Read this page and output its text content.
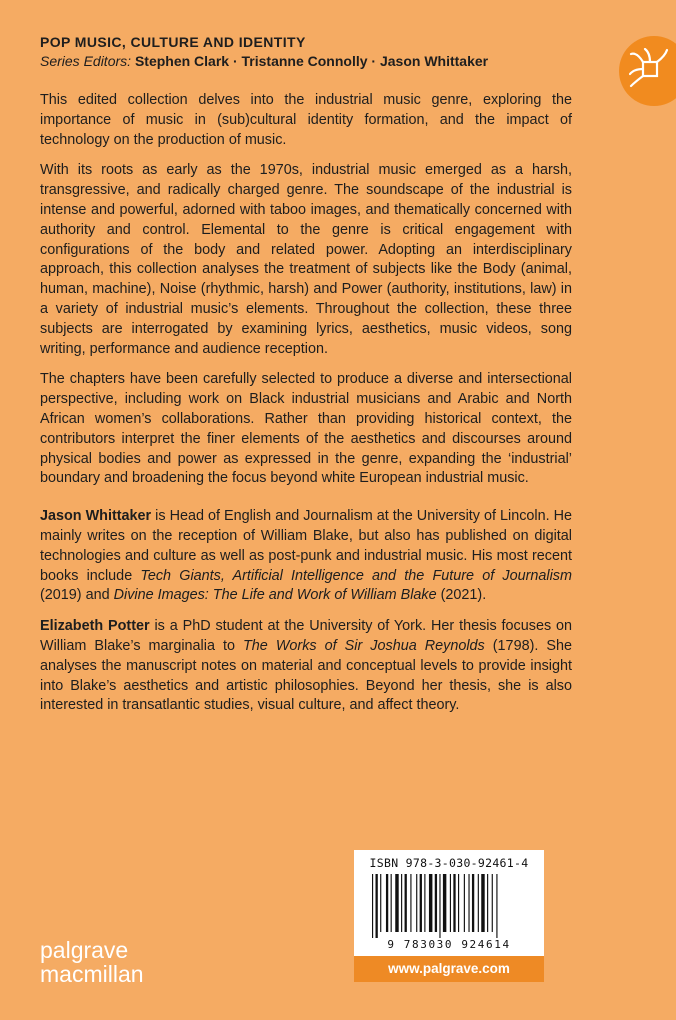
POP MUSIC, CULTURE AND IDENTITY
Series Editors: Stephen Clark · Tristanne Connolly · Jason Whittaker

This edited collection delves into the industrial music genre, exploring the importance of music in (sub)cultural identity formation, and the impact of technology on the production of music.

With its roots as early as the 1970s, industrial music emerged as a harsh, transgressive, and radically charged genre. The soundscape of the industrial is intense and powerful, adorned with taboo images, and thematically concerned with authority and control. Elemental to the genre is critical engagement with configurations of the body and related power. Adopting an interdisciplinary approach, this collection analyses the treatment of subjects like the Body (animal, human, machine), Noise (rhythmic, harsh) and Power (authority, institutions, law) in a variety of industrial music’s elements. Throughout the collection, these three subjects are interrogated by examining lyrics, aesthetics, music videos, song writing, performance and audience reception.

The chapters have been carefully selected to produce a diverse and intersectional perspective, including work on Black industrial musicians and Arabic and North African women’s collaborations. Rather than providing historical context, the contributors interpret the finer elements of the aesthetics and discourses around physical bodies and power as expressed in the genre, expanding the ‘industrial’ boundary and broadening the focus beyond white European industrial music.

Jason Whittaker is Head of English and Journalism at the University of Lincoln. He mainly writes on the reception of William Blake, but also has published on digital technologies and culture as well as post-punk and industrial music. His most recent books include Tech Giants, Artificial Intelligence and the Future of Journalism (2019) and Divine Images: The Life and Work of William Blake (2021).

Elizabeth Potter is a PhD student at the University of York. Her thesis focuses on William Blake’s marginalia to The Works of Sir Joshua Reynolds (1798). She analyses the manuscript notes on material and conceptual levels to provide insight into Blake’s aesthetics and artistic philosophies. Beyond her thesis, she is also interested in transatlantic studies, visual culture, and affect theory.

ISBN 978-3-030-92461-4
9 783030 924614
www.palgrave.com
palgrave
macmillan
